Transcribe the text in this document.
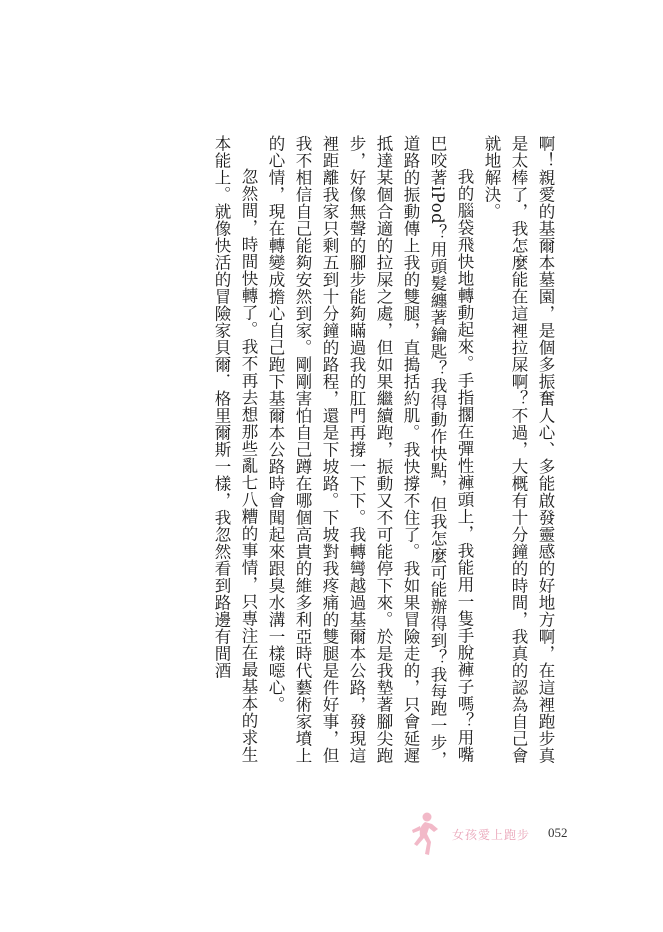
啊！親愛的基爾本墓園，是個多振奮人心、多能啟發靈感的好地方啊，在這裡跑步真是太棒了，我怎麼能在這裡拉屎啊？不過，大概有十分鐘的時間，我真的認為自己會就地解決。

我的腦袋飛快地轉動起來。手指擱在彈性褲頭上，我能用一隻手脫褲子嗎？用嘴巴咬著iPod？用頭髮纏著鑰匙？我得動作快點，但我怎麼可能辦得到？我每跑一步，道路的振動傳上我的雙腿，直搗括約肌。我快撐不住了。我如果冒險走的，只會延遲抵達某個合適的拉屎之處，但如果繼續跑，振動又不可能停下來。於是我墊著腳尖跑步，好像無聲的腳步能夠瞞過我的肛門再撐一下下。我轉彎越過基爾本公路，發現這裡距離我家只剩五到十分鐘的路程，還是下坡路。下坡對我疼痛的雙腿是件好事，但我不相信自己能夠安然到家。剛剛害怕自己蹲在哪個高貴的維多利亞時代藝術家墳上的心情，現在轉變成擔心自己跑下基爾本公路時會聞起來跟臭水溝一樣噁心。

忽然間，時間快轉了。我不再去想那些亂七八糟的事情，只專注在最基本的求生本能上。就像快活的冒險家貝爾．格里爾斯一樣，我忽然看到路邊有間酒

女孩愛上跑步 052
